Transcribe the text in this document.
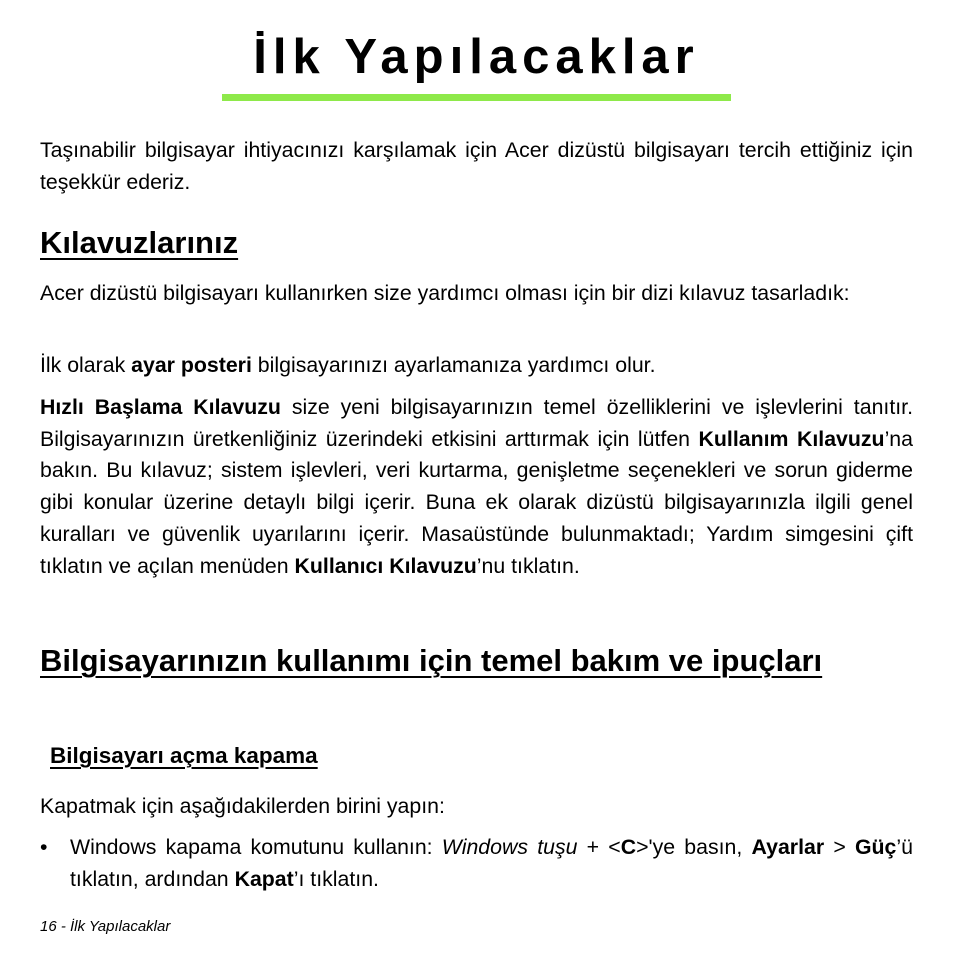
İlk Yapılacaklar

Taşınabilir bilgisayar ihtiyacınızı karşılamak için Acer dizüstü bilgisayarı tercih ettiğiniz için teşekkür ederiz.

Kılavuzlarınız

Acer dizüstü bilgisayarı kullanırken size yardımcı olması için bir dizi kılavuz tasarladık:

İlk olarak ayar posteri bilgisayarınızı ayarlamanıza yardımcı olur.

Hızlı Başlama Kılavuzu size yeni bilgisayarınızın temel özelliklerini ve işlevlerini tanıtır. Bilgisayarınızın üretkenliğiniz üzerindeki etkisini arttırmak için lütfen Kullanım Kılavuzu’na bakın. Bu kılavuz; sistem işlevleri, veri kurtarma, genişletme seçenekleri ve sorun giderme gibi konular üzerine detaylı bilgi içerir. Buna ek olarak dizüstü bilgisayarınızla ilgili genel kuralları ve güvenlik uyarılarını içerir. Masaüstünde bulunmaktadı; Yardım simgesini çift tıklatın ve açılan menüden Kullanıcı Kılavuzu’nu tıklatın.

Bilgisayarınızın kullanımı için temel bakım ve ipuçları
Bilgisayarı açma kapama

Kapatmak için aşağıdakilerden birini yapın:

• Windows kapama komutunu kullanın: Windows tuşu + <C>'ye basın, Ayarlar > Güç’ü tıklatın, ardından Kapat’ı tıklatın.
16 - İlk Yapılacaklar
